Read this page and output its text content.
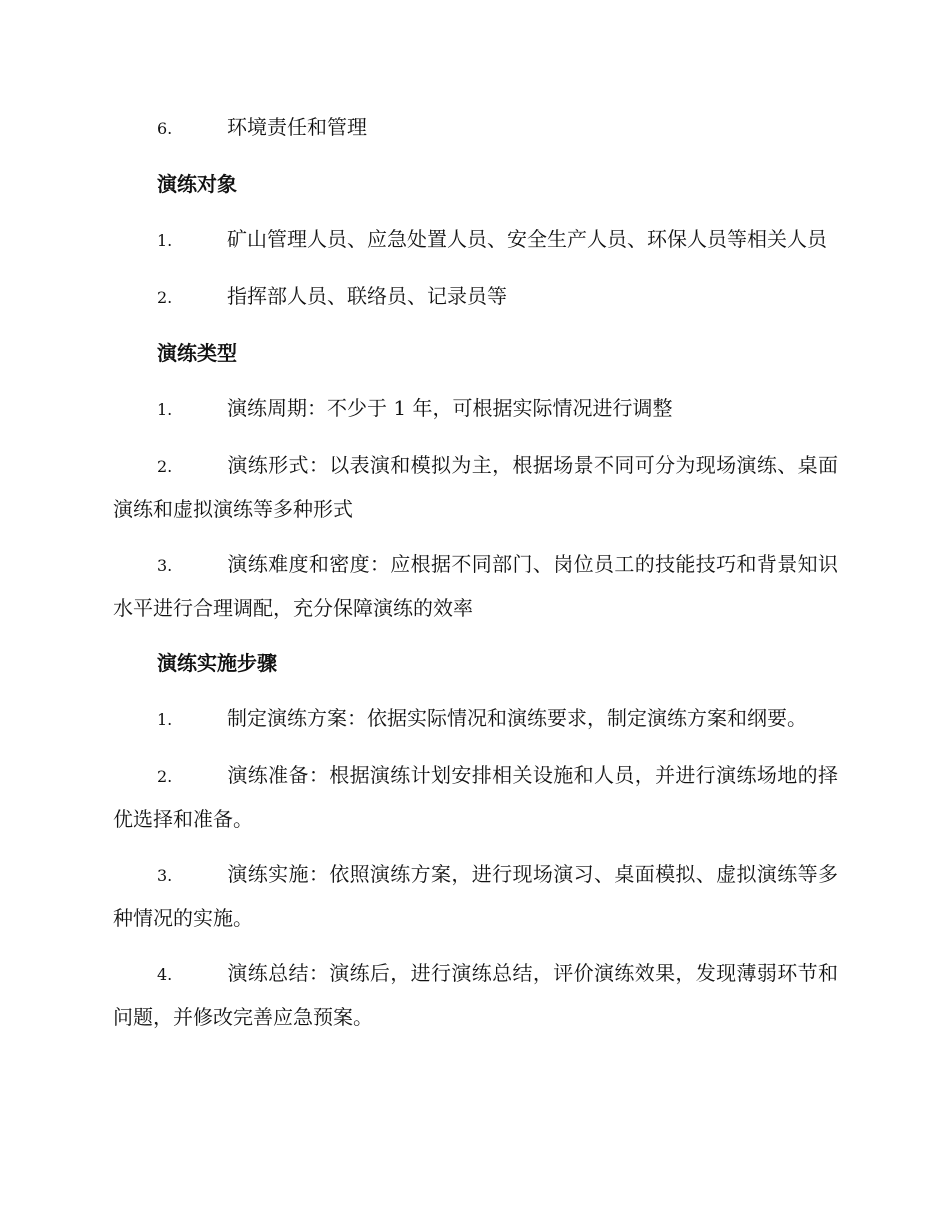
6.	环境责任和管理

演练对象

1.	矿山管理人员、应急处置人员、安全生产人员、环保人员等相关人员

2.	指挥部人员、联络员、记录员等

演练类型

1.	演练周期：不少于 1 年，可根据实际情况进行调整

2.	演练形式：以表演和模拟为主，根据场景不同可分为现场演练、桌面演练和虚拟演练等多种形式

3.	演练难度和密度：应根据不同部门、岗位员工的技能技巧和背景知识水平进行合理调配，充分保障演练的效率

演练实施步骤

1.	制定演练方案：依据实际情况和演练要求，制定演练方案和纲要。

2.	演练准备：根据演练计划安排相关设施和人员，并进行演练场地的择优选择和准备。

3.	演练实施：依照演练方案，进行现场演习、桌面模拟、虚拟演练等多种情况的实施。

4.	演练总结：演练后，进行演练总结，评价演练效果，发现薄弱环节和问题，并修改完善应急预案。
